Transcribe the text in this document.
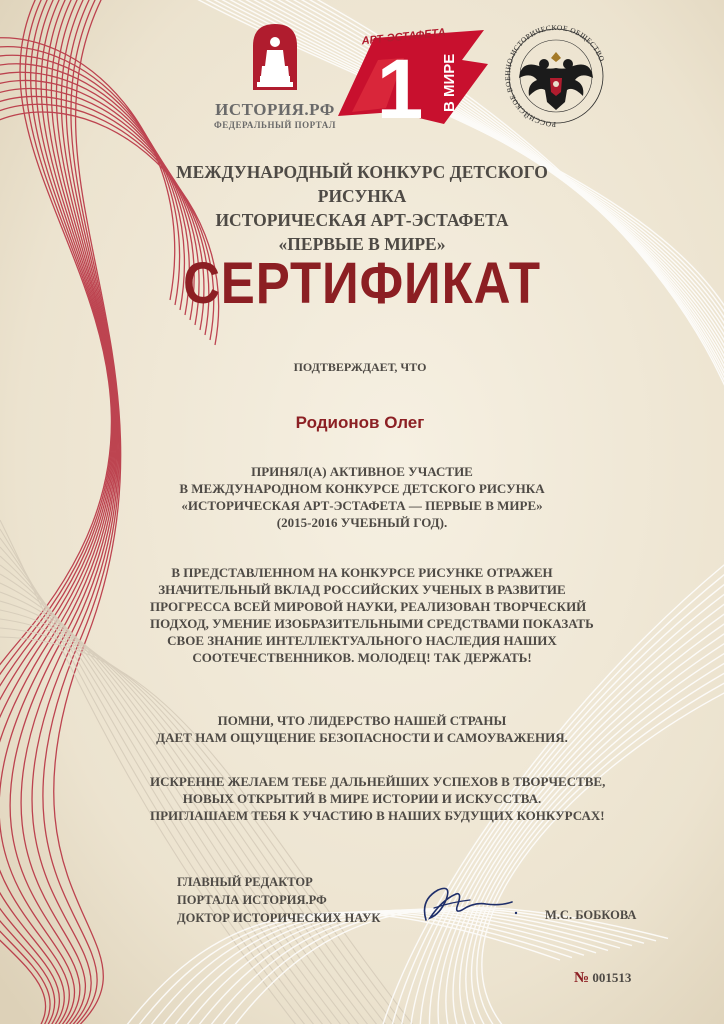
ИСТОРИЯ.РФ
ФЕДЕРАЛЬНЫЙ ПОРТАЛ
АРТ-ЭСТАФЕТА
1 В МИРЕ
РОССИЙСКОЕ ВОЕННО-ИСТОРИЧЕСКОЕ ОБЩЕСТВО
МЕЖДУНАРОДНЫЙ КОНКУРС ДЕТСКОГО РИСУНКА
ИСТОРИЧЕСКАЯ АРТ-ЭСТАФЕТА
«ПЕРВЫЕ В МИРЕ»
СЕРТИФИКАТ
ПОДТВЕРЖДАЕТ, ЧТО
Родионов Олег
ПРИНЯЛ(А) АКТИВНОЕ УЧАСТИЕ
В МЕЖДУНАРОДНОМ КОНКУРСЕ ДЕТСКОГО РИСУНКА
«ИСТОРИЧЕСКАЯ АРТ-ЭСТАФЕТА — ПЕРВЫЕ В МИРЕ»
(2015-2016 УЧЕБНЫЙ ГОД).
В ПРЕДСТАВЛЕННОМ НА КОНКУРСЕ РИСУНКЕ ОТРАЖЕН
ЗНАЧИТЕЛЬНЫЙ ВКЛАД РОССИЙСКИХ УЧЕНЫХ В РАЗВИТИЕ
ПРОГРЕССА ВСЕЙ МИРОВОЙ НАУКИ, РЕАЛИЗОВАН ТВОРЧЕСКИЙ
ПОДХОД, УМЕНИЕ ИЗОБРАЗИТЕЛЬНЫМИ СРЕДСТВАМИ ПОКАЗАТЬ
СВОЕ ЗНАНИЕ ИНТЕЛЛЕКТУАЛЬНОГО НАСЛЕДИЯ НАШИХ
СООТЕЧЕСТВЕННИКОВ. МОЛОДЕЦ! ТАК ДЕРЖАТЬ!
ПОМНИ, ЧТО ЛИДЕРСТВО НАШЕЙ СТРАНЫ
ДАЕТ НАМ ОЩУЩЕНИЕ БЕЗОПАСНОСТИ И САМОУВАЖЕНИЯ.
ИСКРЕННЕ ЖЕЛАЕМ ТЕБЕ ДАЛЬНЕЙШИХ УСПЕХОВ В ТВОРЧЕСТВЕ,
НОВЫХ ОТКРЫТИЙ В МИРЕ ИСТОРИИ И ИСКУССТВА.
ПРИГЛАШАЕМ ТЕБЯ К УЧАСТИЮ В НАШИХ БУДУЩИХ КОНКУРСАХ!
ГЛАВНЫЙ РЕДАКТОР
ПОРТАЛА ИСТОРИЯ.РФ
ДОКТОР ИСТОРИЧЕСКИХ НАУК	М.С. БОБКОВА
№ 001513
